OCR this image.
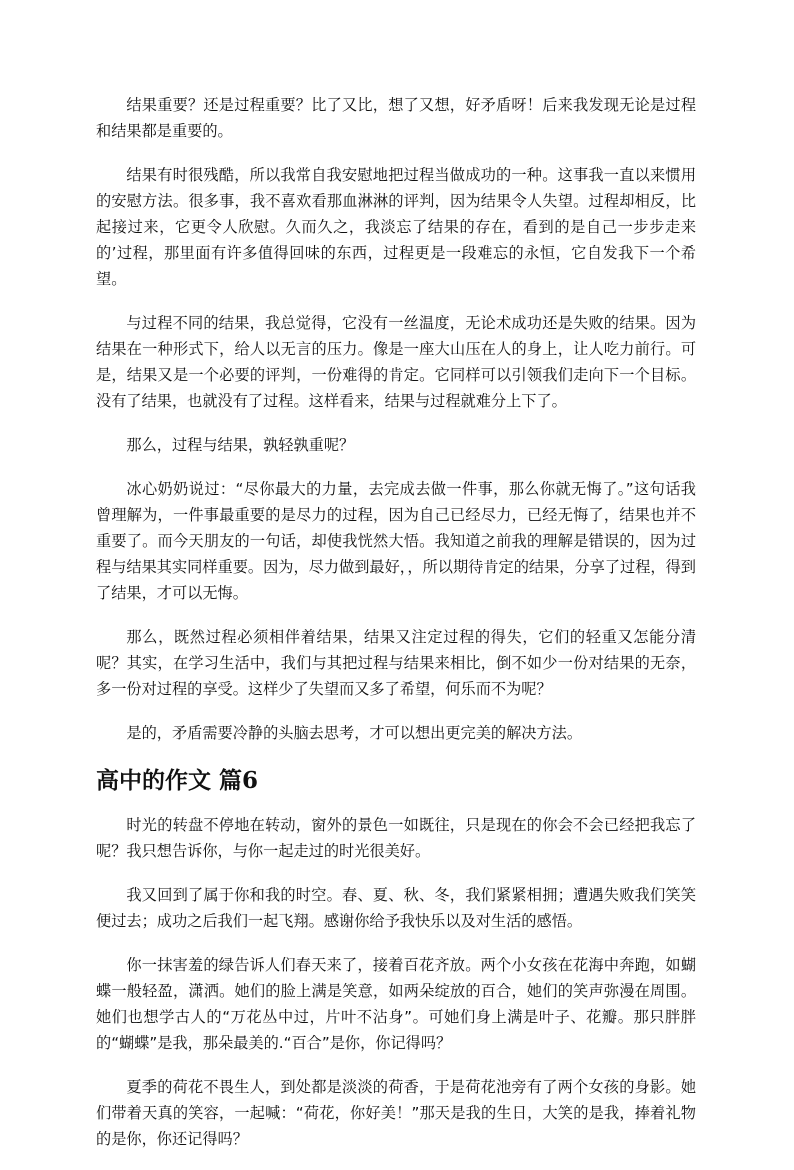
结果重要？还是过程重要？比了又比，想了又想，好矛盾呀！后来我发现无论是过程和结果都是重要的。

结果有时很残酷，所以我常自我安慰地把过程当做成功的一种。这事我一直以来惯用的安慰方法。很多事，我不喜欢看那血淋淋的评判，因为结果令人失望。过程却相反，比起接过来，它更令人欣慰。久而久之，我淡忘了结果的存在，看到的是自己一步步走来的’过程，那里面有许多值得回味的东西，过程更是一段难忘的永恒，它自发我下一个希望。

与过程不同的结果，我总觉得，它没有一丝温度，无论术成功还是失败的结果。因为结果在一种形式下，给人以无言的压力。像是一座大山压在人的身上，让人吃力前行。可是，结果又是一个必要的评判，一份难得的肯定。它同样可以引领我们走向下一个目标。没有了结果，也就没有了过程。这样看来，结果与过程就难分上下了。

那么，过程与结果，孰轻孰重呢？

冰心奶奶说过：“尽你最大的力量，去完成去做一件事，那么你就无悔了。”这句话我曾理解为，一件事最重要的是尽力的过程，因为自己已经尽力，已经无悔了，结果也并不重要了。而今天朋友的一句话，却使我恍然大悟。我知道之前我的理解是错误的，因为过程与结果其实同样重要。因为，尽力做到最好，，所以期待肯定的结果，分享了过程，得到了结果，才可以无悔。

那么，既然过程必须相伴着结果，结果又注定过程的得失，它们的轻重又怎能分清呢？其实，在学习生活中，我们与其把过程与结果来相比，倒不如少一份对结果的无奈，多一份对过程的享受。这样少了失望而又多了希望，何乐而不为呢？

是的，矛盾需要冷静的头脑去思考，才可以想出更完美的解决方法。

高中的作文 篇6

时光的转盘不停地在转动，窗外的景色一如既往，只是现在的你会不会已经把我忘了呢？我只想告诉你，与你一起走过的时光很美好。

我又回到了属于你和我的时空。春、夏、秋、冬，我们紧紧相拥；遭遇失败我们笑笑便过去；成功之后我们一起飞翔。感谢你给予我快乐以及对生活的感悟。

你一抹害羞的绿告诉人们春天来了，接着百花齐放。两个小女孩在花海中奔跑，如蝴蝶一般轻盈，潇洒。她们的脸上满是笑意，如两朵绽放的百合，她们的笑声弥漫在周围。她们也想学古人的“万花丛中过，片叶不沾身”。可她们身上满是叶子、花瓣。那只胖胖的“蝴蝶”是我，那朵最美的.“百合”是你，你记得吗？

夏季的荷花不畏生人，到处都是淡淡的荷香，于是荷花池旁有了两个女孩的身影。她们带着天真的笑容，一起喊：“荷花，你好美！”那天是我的生日，大笑的是我，捧着礼物的是你，你还记得吗？
